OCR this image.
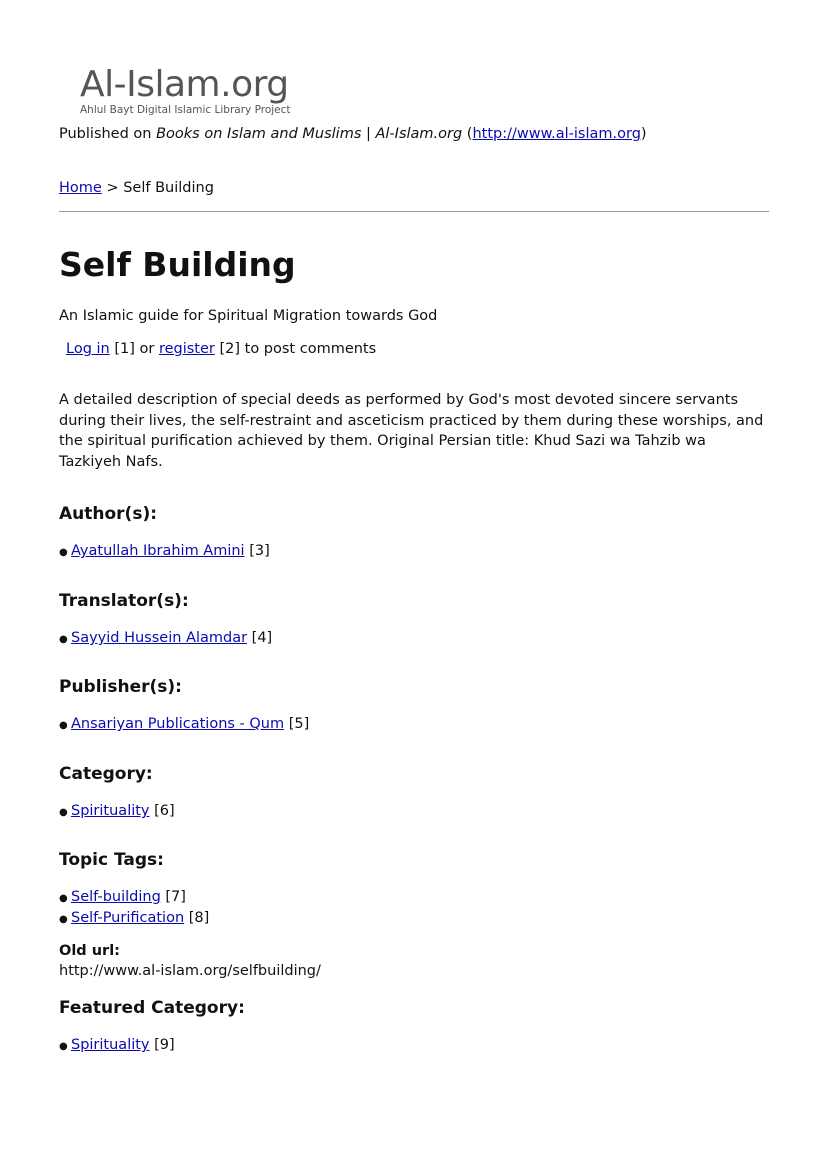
Al-Islam.org
Ahlul Bayt Digital Islamic Library Project
Published on Books on Islam and Muslims | Al-Islam.org (http://www.al-islam.org)
Home > Self Building
Self Building
An Islamic guide for Spiritual Migration towards God
Log in [1] or register [2] to post comments

A detailed description of special deeds as performed by God's most devoted sincere servants during their lives, the self-restraint and asceticism practiced by them during these worships, and the spiritual purification achieved by them. Original Persian title: Khud Sazi wa Tahzib wa Tazkiyeh Nafs.

Author(s):
● Ayatullah Ibrahim Amini [3]
Translator(s):
● Sayyid Hussein Alamdar [4]
Publisher(s):
● Ansariyan Publications - Qum [5]
Category:
● Spirituality [6]
Topic Tags:
● Self-building [7]
● Self-Purification [8]
Old url:
http://www.al-islam.org/selfbuilding/
Featured Category:
● Spirituality [9]
